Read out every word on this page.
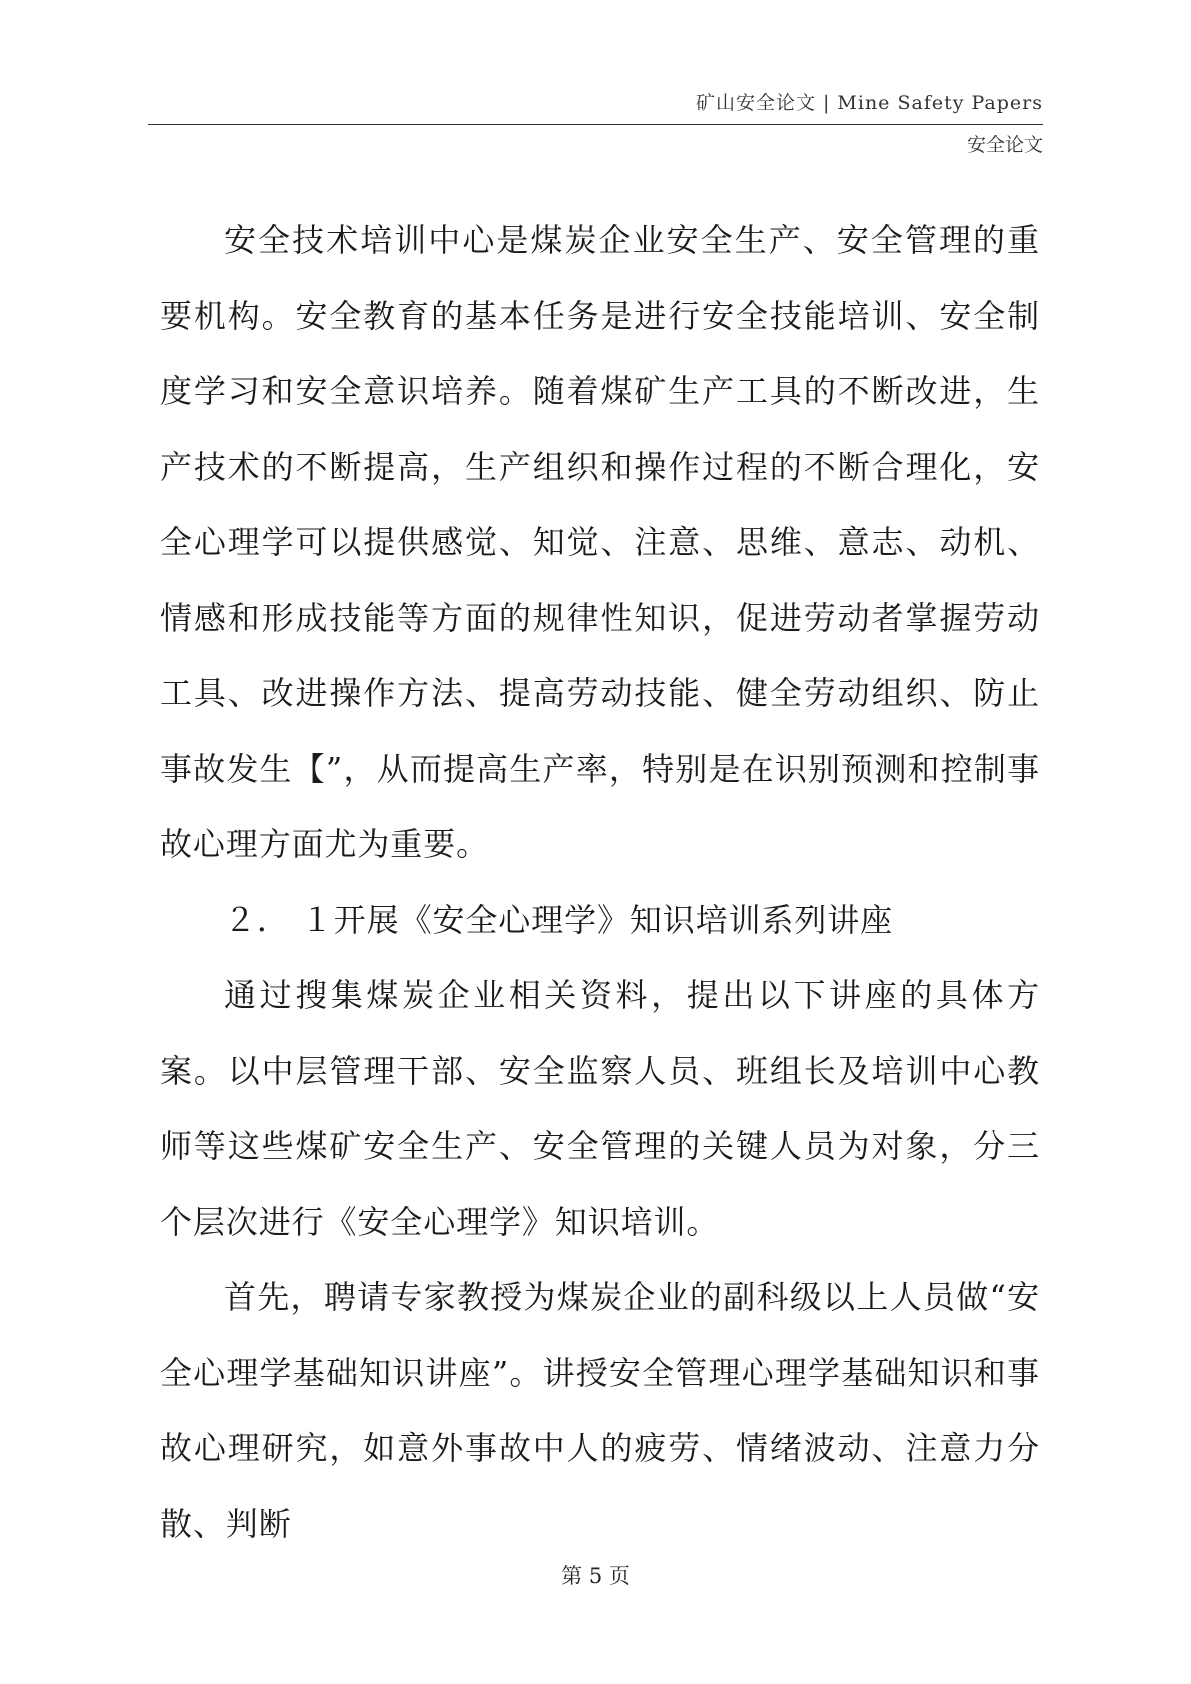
矿山安全论文 | Mine Safety Papers
安全论文

安全技术培训中心是煤炭企业安全生产、安全管理的重要机构。安全教育的基本任务是进行安全技能培训、安全制度学习和安全意识培养。随着煤矿生产工具的不断改进，生产技术的不断提高，生产组织和操作过程的不断合理化，安全心理学可以提供感觉、知觉、注意、思维、意志、动机、情感和形成技能等方面的规律性知识，促进劳动者掌握劳动工具、改进操作方法、提高劳动技能、健全劳动组织、防止事故发生【”，从而提高生产率，特别是在识别预测和控制事故心理方面尤为重要。

２． １开展《安全心理学》知识培训系列讲座

通过搜集煤炭企业相关资料，提出以下讲座的具体方案。以中层管理干部、安全监察人员、班组长及培训中心教师等这些煤矿安全生产、安全管理的关键人员为对象，分三个层次进行《安全心理学》知识培训。

首先，聘请专家教授为煤炭企业的副科级以上人员做“安全心理学基础知识讲座”。讲授安全管理心理学基础知识和事故心理研究，如意外事故中人的疲劳、情绪波动、注意力分散、判断

第 5 页
